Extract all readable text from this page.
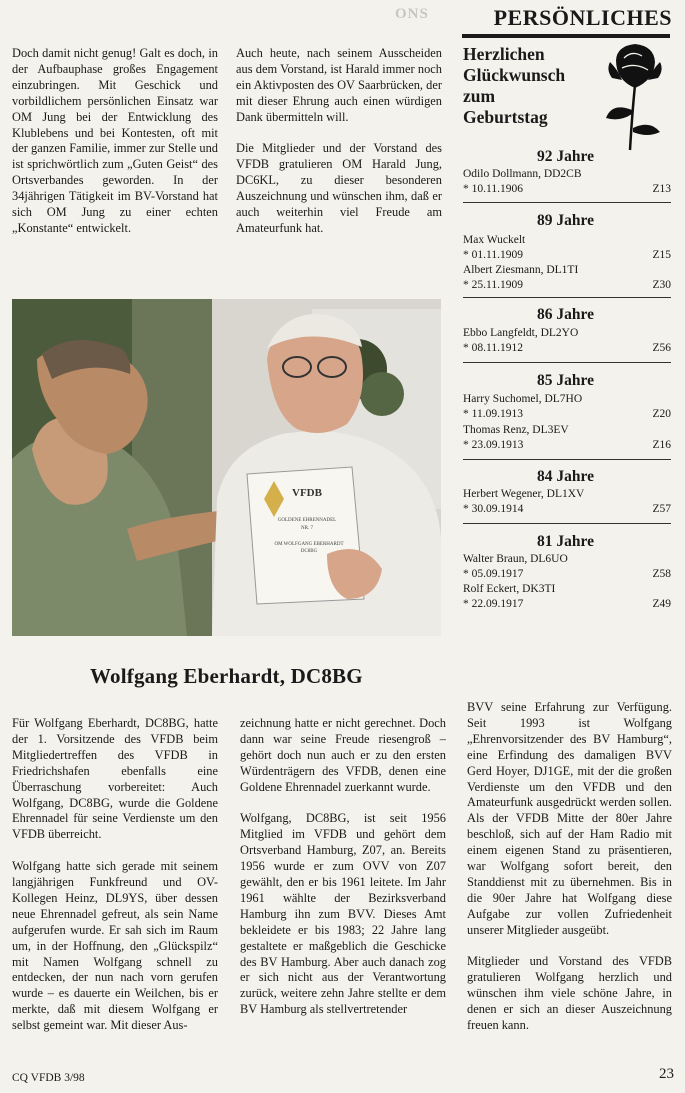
ONS	PERSÖNLICHES

Doch damit nicht genug! Galt es doch, in der Aufbauphase großes Engagement einzubringen. Mit Geschick und vorbildlichem persönlichen Einsatz war OM Jung bei der Entwicklung des Klublebens und bei Kontesten, oft mit der ganzen Familie, immer zur Stelle und ist sprichwörtlich zum „Guten Geist“ des Ortsverbandes geworden. In der 34jährigen Tätigkeit im BV-Vorstand hat sich OM Jung zu einer echten „Konstante“ entwickelt.

Auch heute, nach seinem Ausscheiden aus dem Vorstand, ist Harald immer noch ein Aktivposten des OV Saarbrücken, der mit dieser Ehrung auch einen würdigen Dank übermitteln will.

Die Mitglieder und der Vorstand des VFDB gratulieren OM Harald Jung, DC6KL, zu dieser besonderen Auszeichnung und wünschen ihm, daß er auch weiterhin viel Freude am Amateurfunk hat.

VFDB
GOLDENE EHRENNADEL
NR. 7
OM WOLFGANG EBERHARDT
DC8BG
Wolfgang Eberhardt, DC8BG

Für Wolfgang Eberhardt, DC8BG, hatte der 1. Vorsitzende des VFDB beim Mitgliedertreffen des VFDB in Friedrichshafen ebenfalls eine Überraschung vorbereitet: Auch Wolfgang, DC8BG, wurde die Goldene Ehrennadel für seine Verdienste um den VFDB überreicht.

Wolfgang hatte sich gerade mit seinem langjährigen Funkfreund und OV-Kollegen Heinz, DL9YS, über dessen neue Ehrennadel gefreut, als sein Name aufgerufen wurde. Er sah sich im Raum um, in der Hoffnung, den „Glückspilz“ mit Namen Wolfgang schnell zu entdecken, der nun nach vorn gerufen wurde – es dauerte ein Weilchen, bis er merkte, daß mit diesem Wolfgang er selbst gemeint war. Mit dieser Aus-

zeichnung hatte er nicht gerechnet. Doch dann war seine Freude riesengroß – gehört doch nun auch er zu den ersten Würdenträgern des VFDB, denen eine Goldene Ehrennadel zuerkannt wurde.

Wolfgang, DC8BG, ist seit 1956 Mitglied im VFDB und gehört dem Ortsverband Hamburg, Z07, an. Bereits 1956 wurde er zum OVV von Z07 gewählt, den er bis 1961 leitete. Im Jahr 1961 wählte der Bezirksverband Hamburg ihn zum BVV. Dieses Amt bekleidete er bis 1983; 22 Jahre lang gestaltete er maßgeblich die Geschicke des BV Hamburg. Aber auch danach zog er sich nicht aus der Verantwortung zurück, weitere zehn Jahre stellte er dem BV Hamburg als stellvertretender

BVV seine Erfahrung zur Verfügung. Seit 1993 ist Wolfgang „Ehrenvorsitzender des BV Hamburg“, eine Erfindung des damaligen BVV Gerd Hoyer, DJ1GE, mit der die großen Verdienste um den VFDB und den Amateurfunk ausgedrückt werden sollen. Als der VFDB Mitte der 80er Jahre beschloß, sich auf der Ham Radio mit einem eigenen Stand zu präsentieren, war Wolfgang sofort bereit, den Standdienst mit zu übernehmen. Bis in die 90er Jahre hat Wolfgang diese Aufgabe zur vollen Zufriedenheit unserer Mitglieder ausgeübt.

Mitglieder und Vorstand des VFDB gratulieren Wolfgang herzlich und wünschen ihm viele schöne Jahre, in denen er sich an dieser Auszeichnung freuen kann.

Herzlichen
Glückwunsch
zum
Geburtstag
92 Jahre
Odilo Dollmann, DD2CB
* 10.11.1906	Z13
89 Jahre
Max Wuckelt
* 01.11.1909	Z15
Albert Ziesmann, DL1TI
* 25.11.1909	Z30
86 Jahre
Ebbo Langfeldt, DL2YO
* 08.11.1912	Z56
85 Jahre
Harry Suchomel, DL7HO
* 11.09.1913	Z20
Thomas Renz, DL3EV
* 23.09.1913	Z16
84 Jahre
Herbert Wegener, DL1XV
* 30.09.1914	Z57
81 Jahre
Walter Braun, DL6UO
* 05.09.1917	Z58
Rolf Eckert, DK3TI
* 22.09.1917	Z49
CQ VFDB 3/98	23
